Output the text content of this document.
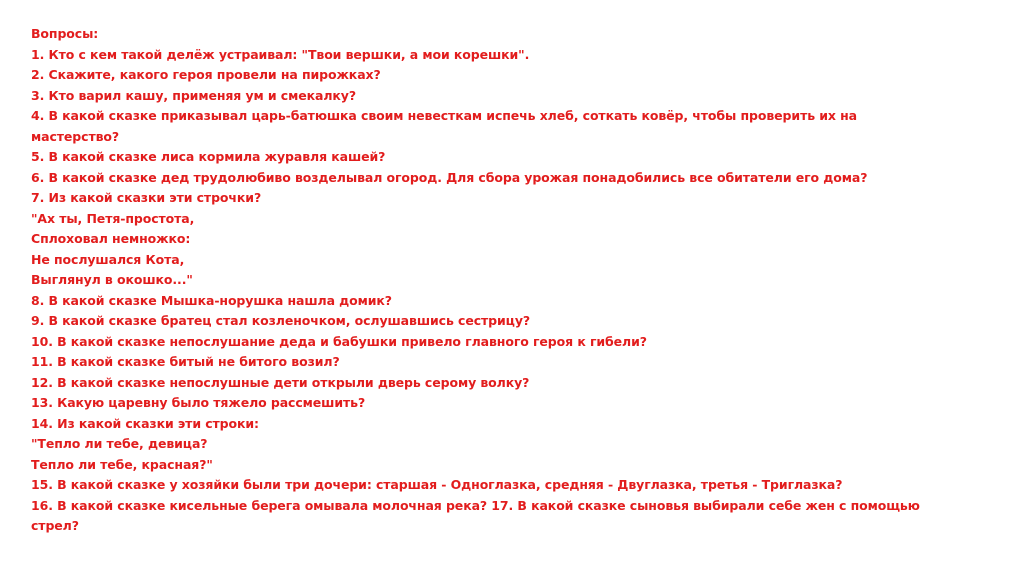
Вопросы:
1. Кто с кем такой делёж устраивал: "Твои вершки, а мои корешки".
2. Скажите, какого героя провели на пирожках?
3. Кто варил кашу, применяя ум и смекалку?
4. В какой сказке приказывал царь-батюшка своим невесткам испечь хлеб, соткать ковёр, чтобы проверить их на
мастерство?
5. В какой сказке лиса кормила журавля кашей?
6. В какой сказке дед трудолюбиво возделывал огород. Для сбора урожая понадобились все обитатели его дома?
7. Из какой сказки эти строчки?
"Ах ты, Петя-простота,
Сплоховал немножко:
Не послушался Кота,
Выглянул в окошко..."
8. В какой сказке Мышка-норушка нашла домик?
9. В какой сказке братец стал козленочком, ослушавшись сестрицу?
10. В какой сказке непослушание деда и бабушки привело главного героя к гибели?
11. В какой сказке битый не битого возил?
12. В какой сказке непослушные дети открыли дверь серому волку?
13. Какую царевну было тяжело рассмешить?
14. Из какой сказки эти строки:
"Тепло ли тебе, девица?
Тепло ли тебе, красная?"
15. В какой сказке у хозяйки были три дочери: старшая - Одноглазка, средняя - Двуглазка, третья - Триглазка?
16. В какой сказке кисельные берега омывала молочная река? 17. В какой сказке сыновья выбирали себе жен с помощью
стрел?
